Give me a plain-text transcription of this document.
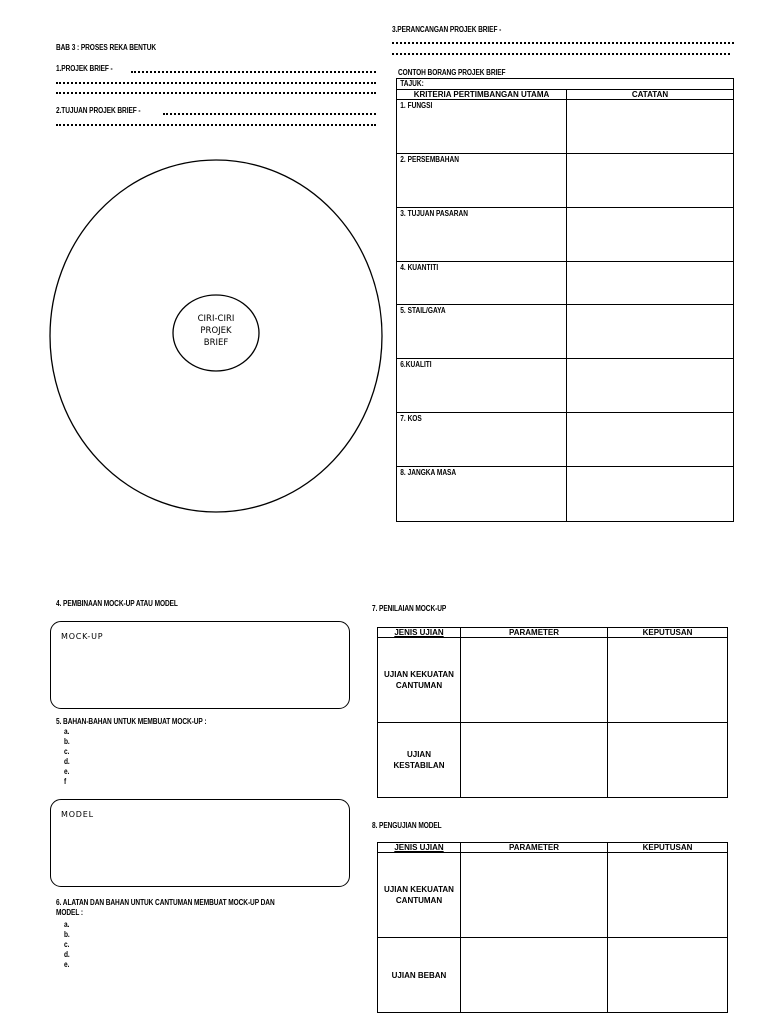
BAB 3 : PROSES REKA BENTUK
1.PROJEK BRIEF -
2.TUJUAN PROJEK BRIEF -
CIRI-CIRI
PROJEK
BRIEF
3.PERANCANGAN PROJEK BRIEF -
CONTOH BORANG PROJEK BRIEF
TAJUK:	

KRITERIA PERTIMBANGAN UTAMA	CATATAN

1. FUNGSI	

2. PERSEMBAHAN	

3. TUJUAN PASARAN	

4. KUANTITI	

5. STAIL/GAYA	

6.KUALITI	

7. KOS	

8. JANGKA MASA	

4. PEMBINAAN MOCK-UP ATAU MODEL
MOCK-UP
5. BAHAN-BAHAN UNTUK MEMBUAT MOCK-UP :
a.
b.
c.
d.
e.
f
MODEL
6. ALATAN DAN BAHAN UNTUK CANTUMAN MEMBUAT MOCK-UP DAN
MODEL :
a.
b.
c.
d.
e.
7. PENILAIAN MOCK-UP
JENIS UJIAN	PARAMETER	KEPUTUSAN

UJIAN KEKUATAN
CANTUMAN		

UJIAN
KESTABILAN		

8. PENGUJIAN MODEL
JENIS UJIAN	PARAMETER	KEPUTUSAN

UJIAN KEKUATAN
CANTUMAN		

UJIAN BEBAN		
